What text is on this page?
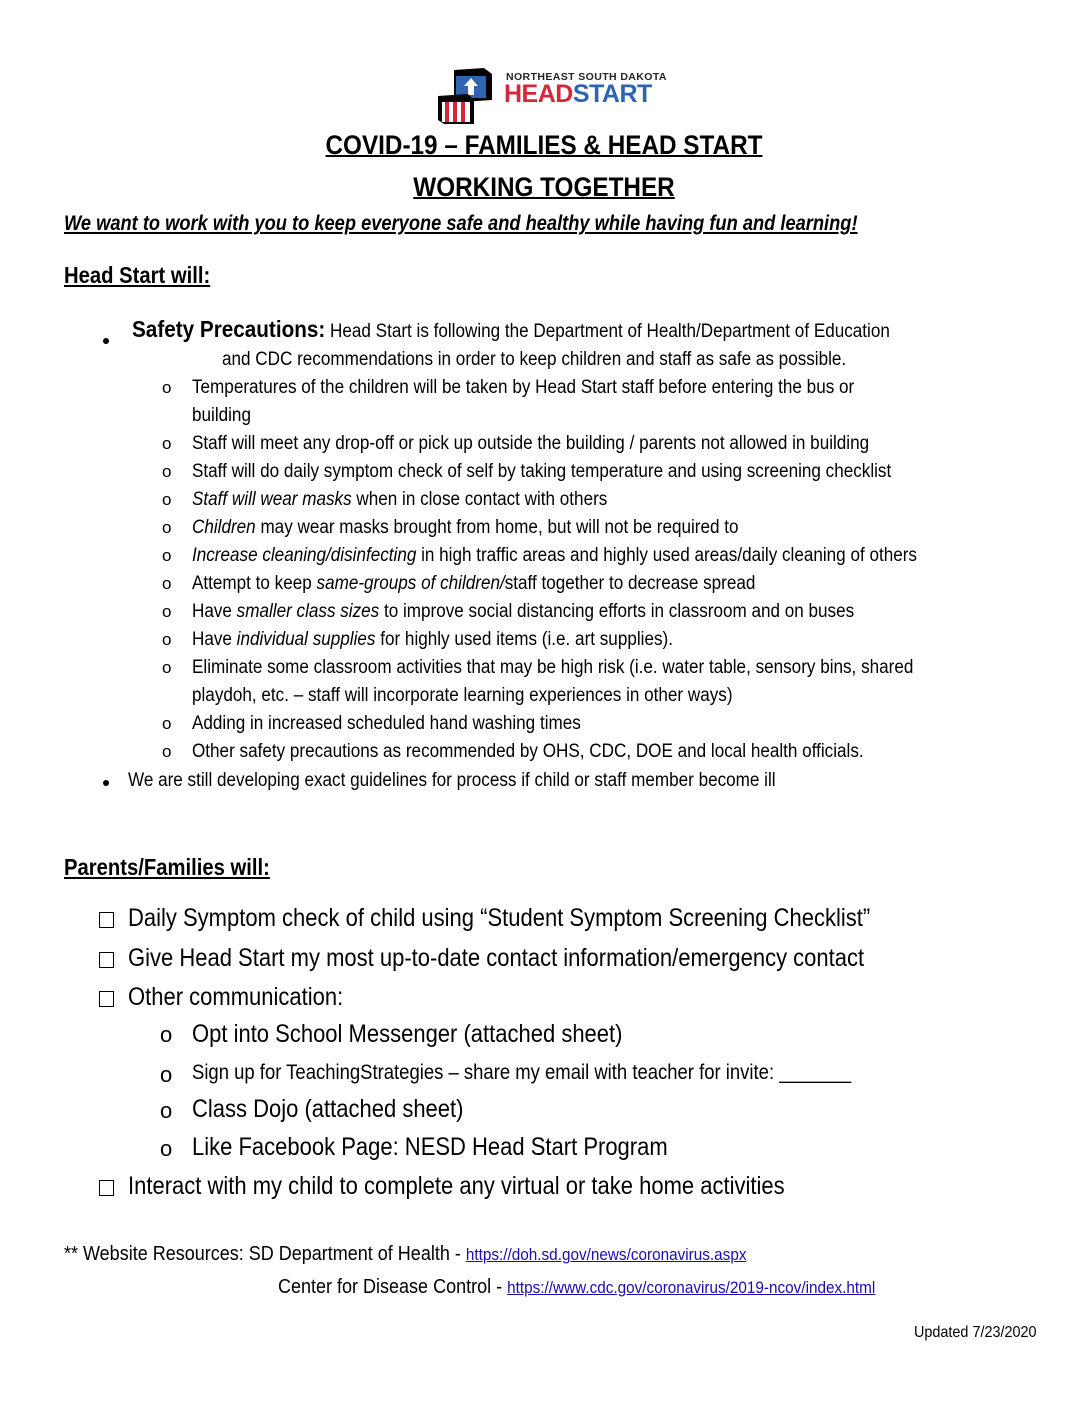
NORTHEAST SOUTH DAKOTA
HEADSTART
COVID-19 – FAMILIES & HEAD START
WORKING TOGETHER
We want to work with you to keep everyone safe and healthy while having fun and learning!
Head Start will:
Safety Precautions: Head Start is following the Department of Health/Department of Education
and CDC recommendations in order to keep children and staff as safe as possible.
o Temperatures of the children will be taken by Head Start staff before entering the bus or
building
o Staff will meet any drop-off or pick up outside the building / parents not allowed in building
o Staff will do daily symptom check of self by taking temperature and using screening checklist
o Staff will wear masks when in close contact with others
o Children may wear masks brought from home, but will not be required to
o Increase cleaning/disinfecting in high traffic areas and highly used areas/daily cleaning of others
o Attempt to keep same-groups of children/staff together to decrease spread
o Have smaller class sizes to improve social distancing efforts in classroom and on buses
o Have individual supplies for highly used items (i.e. art supplies).
o Eliminate some classroom activities that may be high risk (i.e. water table, sensory bins, shared
playdoh, etc. – staff will incorporate learning experiences in other ways)
o Adding in increased scheduled hand washing times
o Other safety precautions as recommended by OHS, CDC, DOE and local health officials.
We are still developing exact guidelines for process if child or staff member become ill
Parents/Families will:
Daily Symptom check of child using “Student Symptom Screening Checklist”
Give Head Start my most up-to-date contact information/emergency contact
Other communication:
o Opt into School Messenger (attached sheet)
o Sign up for TeachingStrategies – share my email with teacher for invite: _______
o Class Dojo (attached sheet)
o Like Facebook Page: NESD Head Start Program
Interact with my child to complete any virtual or take home activities
** Website Resources: SD Department of Health - https://doh.sd.gov/news/coronavirus.aspx
Center for Disease Control - https://www.cdc.gov/coronavirus/2019-ncov/index.html
Updated 7/23/2020
